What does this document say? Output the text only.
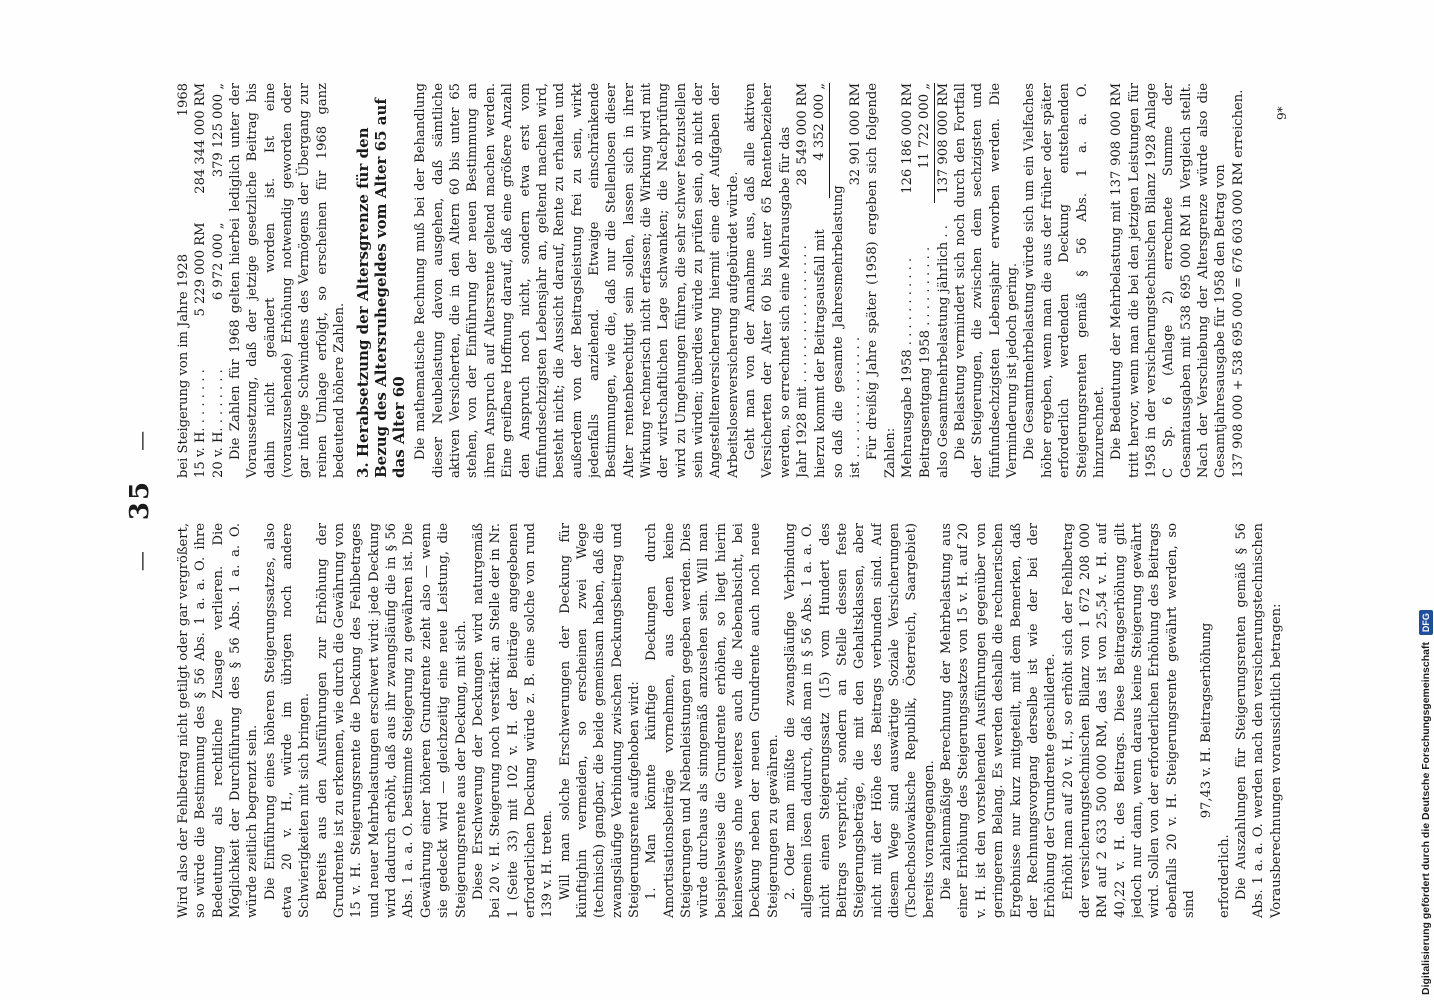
— 35 —

Wird also der Fehlbetrag nicht getilgt oder gar vergrößert, so würde die Bestimmung des § 56 Abs. 1 a. a. O. ihre Bedeutung als rechtliche Zusage verlieren. Die Möglichkeit der Durchführung des § 56 Abs. 1 a. a. O. würde zeitlich begrenzt sein. Die Einführung eines höheren Steigerungssatzes, also etwa 20 v. H., würde im übrigen noch andere Schwierigkeiten mit sich bringen. Bereits aus den Ausführungen zur Erhöhung der Grundrente ist zu erkennen, wie durch die Gewährung von 15 v. H. Steigerungsrente die Deckung des Fehlbetrages und neuer Mehrbelastungen erschwert wird: jede Deckung wird dadurch erhöht, daß aus ihr zwangsläufig die in § 56 Abs. 1 a. a. O. bestimmte Steigerung zu gewähren ist. Die Gewährung einer höheren Grundrente zieht also — wenn sie gedeckt wird — gleichzeitig eine neue Leistung, die Steigerungsrente aus der Deckung, mit sich. Diese Erschwerung der Deckungen wird naturgemäß bei 20 v. H. Steigerung noch verstärkt: an Stelle der in Nr. 1 (Seite 33) mit 102 v. H. der Beiträge angegebenen erforderlichen Deckung würde z. B. eine solche von rund 139 v. H. treten. Will man solche Erschwerungen der Deckung für künftighin vermeiden, so erscheinen zwei Wege (technisch) gangbar, die beide gemeinsam haben, daß die zwangsläufige Verbindung zwischen Deckungsbeitrag und Steigerungsrente aufgehoben wird: 1. Man könnte künftige Deckungen durch Amortisationsbeiträge vornehmen, aus denen keine Steigerungen und Nebenleistungen gegeben werden. Dies würde durchaus als sinngemäß anzusehen sein. Will man beispielsweise die Grundrente erhöhen, so liegt hierin keineswegs ohne weiteres auch die Nebenabsicht, bei Deckung neben der neuen Grundrente auch noch neue Steigerungen zu gewähren. 2. Oder man müßte die zwangsläufige Verbindung allgemein lösen dadurch, daß man in § 56 Abs. 1 a. a. O. nicht einen Steigerungssatz (15) vom Hundert des Beitrags verspricht, sondern an Stelle dessen feste Steigerungsbeträge, die mit den Gehaltsklassen, aber nicht mit der Höhe des Beitrags verbunden sind. Auf diesem Wege sind auswärtige Soziale Versicherungen (Tschechoslowakische Republik, Österreich, Saargebiet) bereits vorangegangen. Die zahlenmäßige Berechnung der Mehrbelastung aus einer Erhöhung des Steigerungssatzes von 15 v. H. auf 20 v. H. ist den vorstehenden Ausführungen gegenüber von geringerem Belang. Es werden deshalb die rechnerischen Ergebnisse nur kurz mitgeteilt, mit dem Bemerken, daß der Rechnungsvorgang derselbe ist wie der bei der Erhöhung der Grundrente geschilderte. Erhöht man auf 20 v. H., so erhöht sich der Fehlbetrag der versicherungstechnischen Bilanz von 1 672 208 000 RM auf 2 633 500 000 RM, das ist von 25,54 v. H. auf 40,22 v. H. des Beitrags. Diese Beitragserhöhung gilt jedoch nur dann, wenn daraus keine Steigerung gewährt wird. Sollen von der erforderlichen Erhöhung des Beitrags ebenfalls 20 v. H. Steigerungsrente gewährt werden, so sind

97,43 v. H. Beitragserhöhung

erforderlich. Die Auszahlungen für Steigerungsrenten gemäß § 56 Abs. 1 a. a. O. werden nach den versicherungstechnischen Vorausberechnungen voraussichtlich betragen:

bei Steigerung von im Jahre 1928	1968
15 v. H. . . . . . . .	5 229 000 RM	284 344 000 RM
20 v. H. . . . . . . .	6 972 000 „	379 125 000 „ Die Zahlen für 1968 gelten hierbei lediglich unter der Voraussetzung, daß der jetzige gesetzliche Beitrag bis dahin nicht geändert worden ist. Ist eine (vorauszusehende) Erhöhung notwendig geworden oder gar infolge Schwindens des Vermögens der Übergang zur reinen Umlage erfolgt, so erscheinen für 1968 ganz bedeutend höhere Zahlen. 3. Herabsetzung der Altersgrenze für den Bezug des Altersruhegeldes vom Alter 65 auf das Alter 60 Die mathematische Rechnung muß bei der Behandlung dieser Neubelastung davon ausgehen, daß sämtliche aktiven Versicherten, die in den Altern 60 bis unter 65 stehen, von der Einführung der neuen Bestimmung an ihren Anspruch auf Altersrente geltend machen werden. Eine greifbare Hoffnung darauf, daß eine größere Anzahl den Anspruch noch nicht, sondern etwa erst vom fünfundsechzigsten Lebensjahr an, geltend machen wird, besteht nicht; die Aussicht darauf, Rente zu erhalten und außerdem von der Beitragsleistung frei zu sein, wirkt jedenfalls anziehend. Etwaige einschränkende Bestimmungen, wie die, daß nur die Stellenlosen dieser Alter rentenberechtigt sein sollen, lassen sich in ihrer Wirkung rechnerisch nicht erfassen; die Wirkung wird mit der wirtschaftlichen Lage schwanken; die Nachprüfung wird zu Umgehungen führen, die sehr schwer festzustellen sein würden; überdies würde zu prüfen sein, ob nicht der Angestelltenversicherung hiermit eine der Aufgaben der Arbeitslosenversicherung aufgebürdet würde. Geht man von der Annahme aus, daß alle aktiven Versicherten der Alter 60 bis unter 65 Rentenbezieher werden, so errechnet sich eine Mehrausgabe für das Jahr 1928 mit . . . . . . . . . . . . . . . . .	28 549 000 RM
hierzu kommt der Beitragsausfall mit	4 352 000 „
so daß die gesamte Jahresmehrbelastung ist . . . . . . . . . . . . . . .	32 901 000 RM Für dreißig Jahre später (1958) ergeben sich folgende Zahlen: Mehrausgabe 1958 . . . . . . . . . . .	126 186 000 RM
Beitragsentgang 1958 . . . . . . . . . .	11 722 000 „
also Gesamtmehrbelastung jährlich . .	137 908 000 RM Die Belastung vermindert sich noch durch den Fortfall der Steigerungen, die zwischen dem sechzigsten und fünfundsechzigsten Lebensjahr erworben werden. Die Verminderung ist jedoch gering. Die Gesamtmehrbelastung würde sich um ein Vielfaches höher ergeben, wenn man die aus der früher oder später erforderlich werdenden Deckung entstehenden Steigerungsrenten gemäß § 56 Abs. 1 a. a. O. hinzurechnet. Die Bedeutung der Mehrbelastung mit 137 908 000 RM tritt hervor, wenn man die bei den jetzigen Leistungen für 1958 in der versicherungstechnischen Bilanz 1928 Anlage C Sp. 6 (Anlage 2) errechnete Summe der Gesamtausgaben mit 538 695 000 RM in Vergleich stellt. Nach der Verschiebung der Altersgrenze würde also die Gesamtjahresausgabe für 1958 den Betrag von 137 908 000 + 538 695 000 = 676 603 000 RM erreichen. 9*
Digitalisierung gefördert durch die Deutsche Forschungsgemeinschaft DFG
